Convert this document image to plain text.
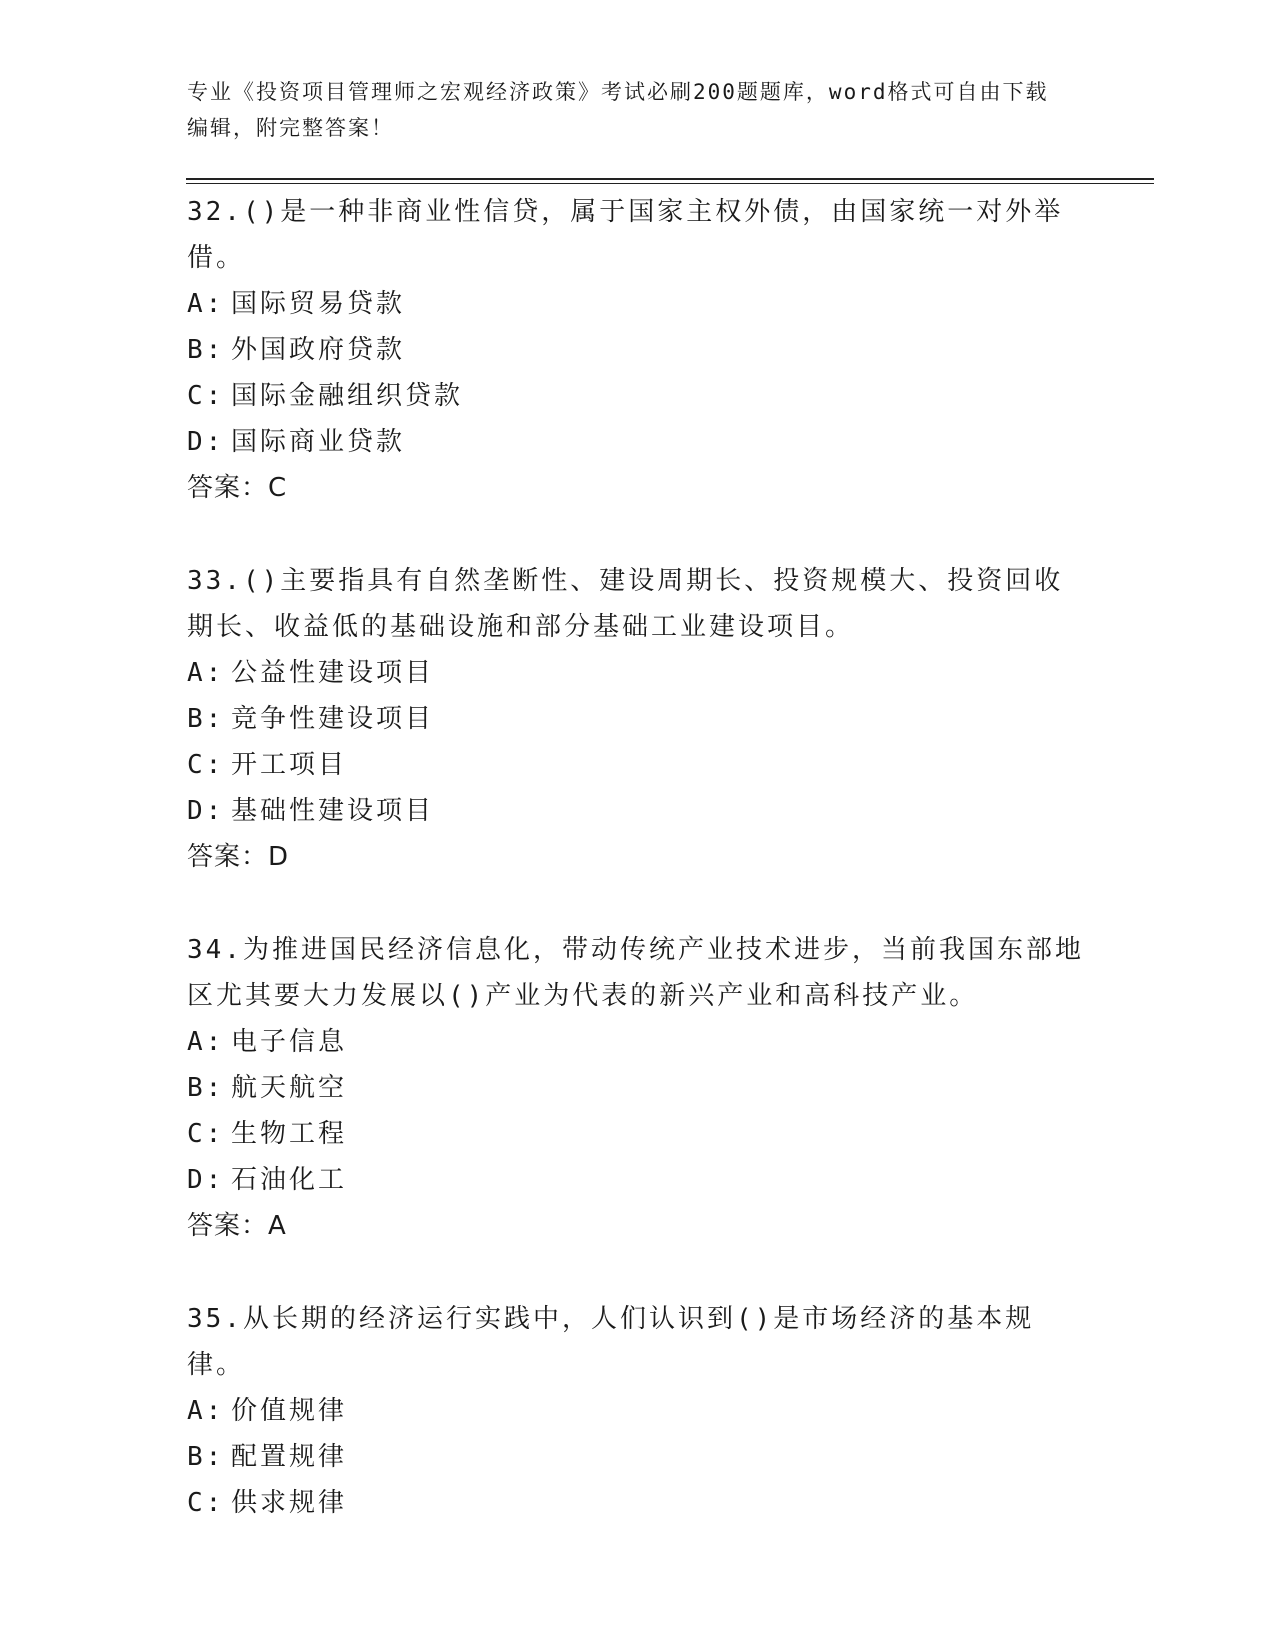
专业《投资项目管理师之宏观经济政策》考试必刷200题题库，word格式可自由下载编辑，附完整答案！
32.()是一种非商业性信贷，属于国家主权外债，由国家统一对外举借。
A: 国际贸易贷款
B: 外国政府贷款
C: 国际金融组织贷款
D: 国际商业贷款
答案：C
33.()主要指具有自然垄断性、建设周期长、投资规模大、投资回收期长、收益低的基础设施和部分基础工业建设项目。
A: 公益性建设项目
B: 竞争性建设项目
C: 开工项目
D: 基础性建设项目
答案：D
34.为推进国民经济信息化，带动传统产业技术进步，当前我国东部地区尤其要大力发展以()产业为代表的新兴产业和高科技产业。
A: 电子信息
B: 航天航空
C: 生物工程
D: 石油化工
答案：A
35.从长期的经济运行实践中，人们认识到()是市场经济的基本规律。
A: 价值规律
B: 配置规律
C: 供求规律
